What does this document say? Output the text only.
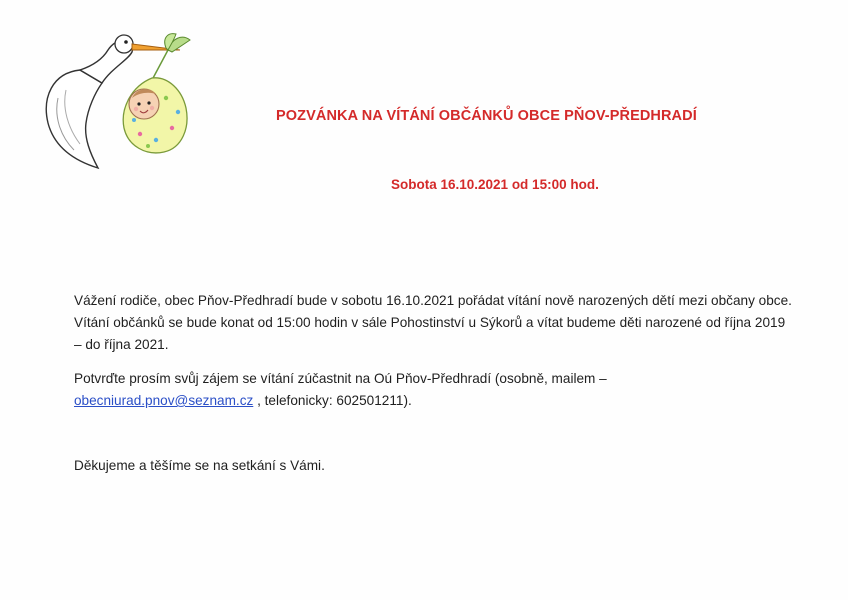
POZVÁNKA NA VÍTÁNÍ OBČÁNKŮ OBCE PŇOV-PŘEDHRADÍ
Sobota 16.10.2021 od 15:00 hod.
Vážení rodiče, obec Pňov-Předhradí bude v sobotu 16.10.2021 pořádat vítání nově narozených dětí mezi občany obce. Vítání občánků se bude konat od 15:00 hodin v sále Pohostinství u Sýkorů a vítat budeme děti narozené od října 2019 – do října 2021.
Potvrďte prosím svůj zájem se vítání zúčastnit na Oú Pňov-Předhradí (osobně, mailem –
obecniurad.pnov@seznam.cz , telefonicky: 602501211).
Děkujeme a těšíme se na setkání s Vámi.
